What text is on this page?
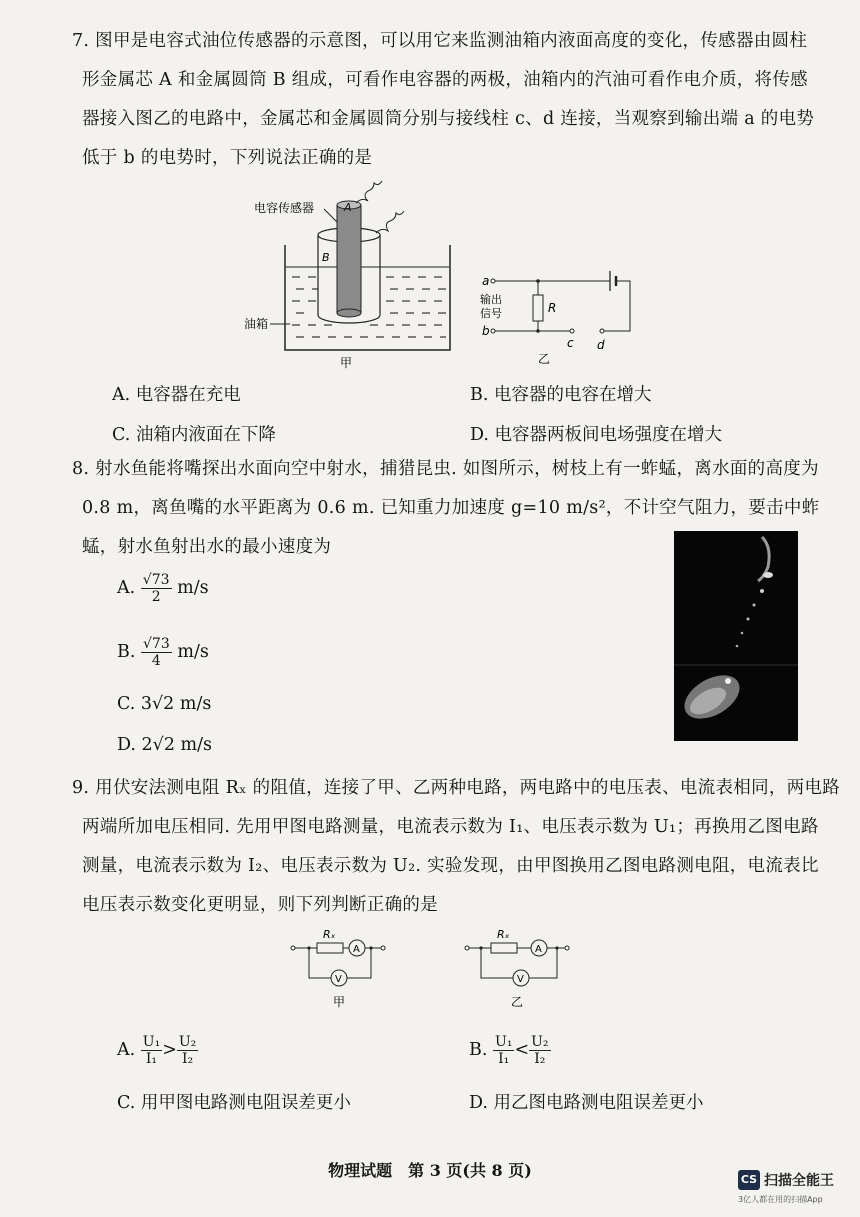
7. 图甲是电容式油位传感器的示意图，可以用它来监测油箱内液面高度的变化，传感器由圆柱
形金属芯 A 和金属圆筒 B 组成，可看作电容器的两极，油箱内的汽油可看作电介质，将传感
器接入图乙的电路中，金属芯和金属圆筒分别与接线柱 c、d 连接，当观察到输出端 a 的电势
低于 b 的电势时，下列说法正确的是
电容传感器	A
B
油箱
甲
a
d
R
b
c
输出
信号
乙
A. 电容器在充电	B. 电容器的电容在增大
C. 油箱内液面在下降	D. 电容器两板间电场强度在增大
8. 射水鱼能将嘴探出水面向空中射水，捕猎昆虫. 如图所示，树枝上有一蚱蜢，离水面的高度为
0.8 m，离鱼嘴的水平距离为 0.6 m. 已知重力加速度 g=10 m/s²，不计空气阻力，要击中蚱
蜢，射水鱼射出水的最小速度为
A. $\frac{√73}{2} m/s$
B. $\frac{√73}{4} m/s$
C. 3√2 m/s
D. 2√2 m/s
9. 用伏安法测电阻 Rₓ 的阻值，连接了甲、乙两种电路，两电路中的电压表、电流表相同，两电路
两端所加电压相同. 先用甲图电路测量，电流表示数为 I₁、电压表示数为 U₁；再换用乙图电路
测量，电流表示数为 I₂、电压表示数为 U₂. 实验发现，由甲图换用乙图电路测电阻，电流表比
电压表示数变化更明显，则下列判断正确的是
Rₓ
A
V
甲
Rₓ
A
V
乙
A. $\frac{\text{U₁}}{\text{I₁}} > \frac{\text{U₂}}{\text{I₂}}$	B. $\frac{\text{U₁}}{\text{I₁}} < \frac{\text{U₂}}{\text{I₂}}$
C. 用甲图电路测电阻误差更小	D. 用乙图电路测电阻误差更小
物理试题　第 3 页(共 8 页)	CS 扫描全能王
3亿人都在用的扫描App
